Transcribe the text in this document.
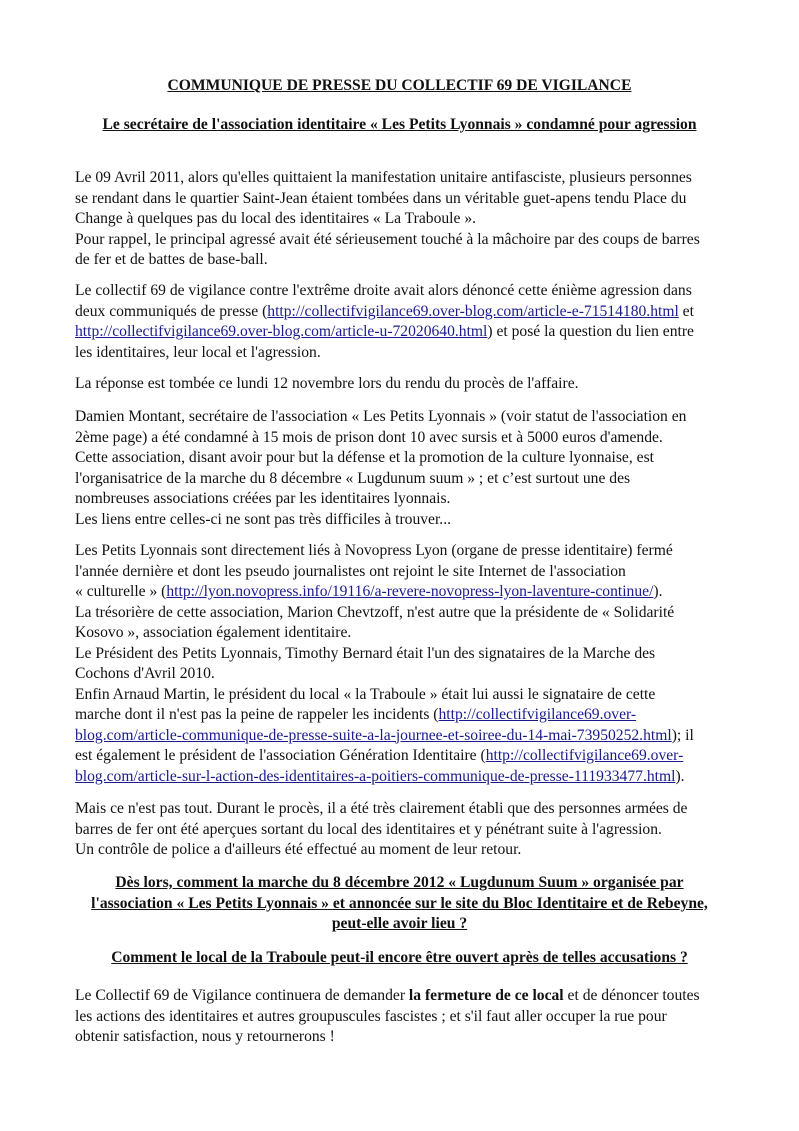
COMMUNIQUE DE PRESSE DU COLLECTIF 69 DE VIGILANCE
Le secrétaire de l'association identitaire « Les Petits Lyonnais » condamné pour agression
Le 09 Avril 2011, alors qu'elles quittaient la manifestation unitaire antifasciste, plusieurs personnes
se rendant dans le quartier Saint-Jean étaient tombées dans un véritable guet-apens tendu Place du
Change à quelques pas du local des identitaires « La Traboule ».
Pour rappel, le principal agressé avait été sérieusement touché à la mâchoire par des coups de barres
de fer et de battes de base-ball.
Le collectif 69 de vigilance contre l'extrême droite avait alors dénoncé cette énième agression dans
deux communiqués de presse (http://collectifvigilance69.over-blog.com/article-e-71514180.html et
http://collectifvigilance69.over-blog.com/article-u-72020640.html) et posé la question du lien entre
les identitaires, leur local et l'agression.
La réponse est tombée ce lundi 12 novembre lors du rendu du procès de l'affaire.
Damien Montant, secrétaire de l'association « Les Petits Lyonnais » (voir statut de l'association en
2ème page) a été condamné à 15 mois de prison dont 10 avec sursis et à 5000 euros d'amende.
Cette association, disant avoir pour but la défense et la promotion de la culture lyonnaise, est
l'organisatrice de la marche du 8 décembre « Lugdunum suum » ; et c’est surtout une des
nombreuses associations créées par les identitaires lyonnais.
Les liens entre celles-ci ne sont pas très difficiles à trouver...
Les Petits Lyonnais sont directement liés à Novopress Lyon (organe de presse identitaire) fermé
l'année dernière et dont les pseudo journalistes ont rejoint le site Internet de l'association
« culturelle » (http://lyon.novopress.info/19116/a-revere-novopress-lyon-laventure-continue/).
La trésorière de cette association, Marion Chevtzoff, n'est autre que la présidente de « Solidarité
Kosovo », association également identitaire.
Le Président des Petits Lyonnais, Timothy Bernard était l'un des signataires de la Marche des
Cochons d'Avril 2010.
Enfin Arnaud Martin, le président du local « la Traboule » était lui aussi le signataire de cette
marche dont il n'est pas la peine de rappeler les incidents (http://collectifvigilance69.over-
blog.com/article-communique-de-presse-suite-a-la-journee-et-soiree-du-14-mai-73950252.html); il
est également le président de l'association Génération Identitaire (http://collectifvigilance69.over-
blog.com/article-sur-l-action-des-identitaires-a-poitiers-communique-de-presse-111933477.html).
Mais ce n'est pas tout. Durant le procès, il a été très clairement établi que des personnes armées de
barres de fer ont été aperçues sortant du local des identitaires et y pénétrant suite à l'agression.
Un contrôle de police a d'ailleurs été effectué au moment de leur retour.
Dès lors, comment la marche du 8 décembre 2012 « Lugdunum Suum » organisée par
l'association « Les Petits Lyonnais » et annoncée sur le site du Bloc Identitaire et de Rebeyne,
peut-elle avoir lieu ?
Comment le local de la Traboule peut-il encore être ouvert après de telles accusations ?
Le Collectif 69 de Vigilance continuera de demander la fermeture de ce local et de dénoncer toutes
les actions des identitaires et autres groupuscules fascistes ; et s'il faut aller occuper la rue pour
obtenir satisfaction, nous y retournerons !
